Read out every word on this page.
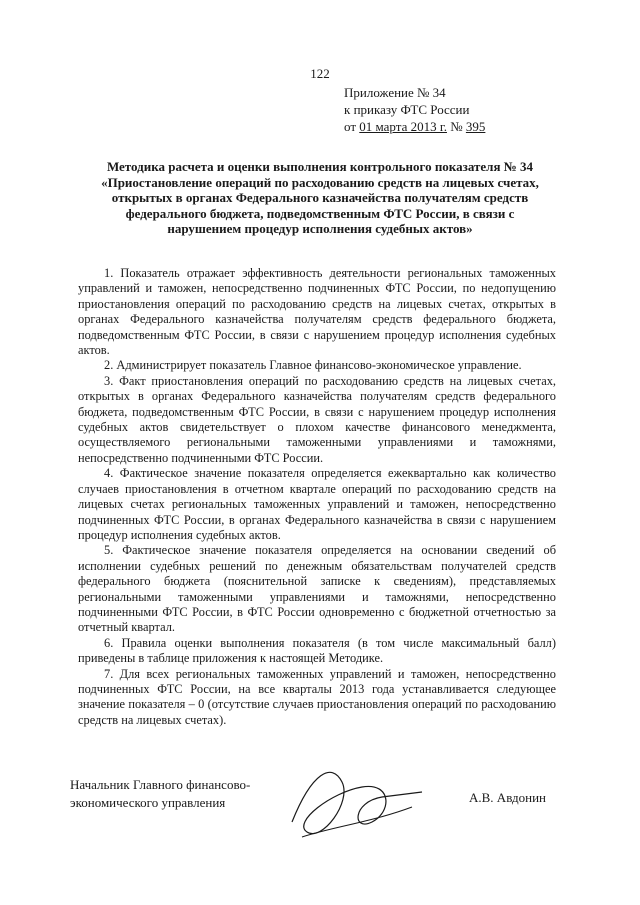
122
Приложение № 34
к приказу ФТС России
от 01 марта 2013 г. № 395
Методика расчета и оценки выполнения контрольного показателя № 34
«Приостановление операций по расходованию средств на лицевых счетах,
открытых в органах Федерального казначейства получателям средств
федерального бюджета, подведомственным ФТС России, в связи с
нарушением процедур исполнения судебных актов»

1. Показатель отражает эффективность деятельности региональных таможенных управлений и таможен, непосредственно подчиненных ФТС России, по недопущению приостановления операций по расходованию средств на лицевых счетах, открытых в органах Федерального казначейства получателям средств федерального бюджета, подведомственным ФТС России, в связи с нарушением процедур исполнения судебных актов.

2. Администрирует показатель Главное финансово-экономическое управление.

3. Факт приостановления операций по расходованию средств на лицевых счетах, открытых в органах Федерального казначейства получателям средств федерального бюджета, подведомственным ФТС России, в связи с нарушением процедур исполнения судебных актов свидетельствует о плохом качестве финансового менеджмента, осуществляемого региональными таможенными управлениями и таможнями, непосредственно подчиненными ФТС России.

4. Фактическое значение показателя определяется ежеквартально как количество случаев приостановления в отчетном квартале операций по расходованию средств на лицевых счетах региональных таможенных управлений и таможен, непосредственно подчиненных ФТС России, в органах Федерального казначейства в связи с нарушением процедур исполнения судебных актов.

5. Фактическое значение показателя определяется на основании сведений об исполнении судебных решений по денежным обязательствам получателей средств федерального бюджета (пояснительной записке к сведениям), представляемых региональными таможенными управлениями и таможнями, непосредственно подчиненными ФТС России, в ФТС России одновременно с бюджетной отчетностью за отчетный квартал.

6. Правила оценки выполнения показателя (в том числе максимальный балл) приведены в таблице приложения к настоящей Методике.

7. Для всех региональных таможенных управлений и таможен, непосредственно подчиненных ФТС России, на все кварталы 2013 года устанавливается следующее значение показателя – 0 (отсутствие случаев приостановления операций по расходованию средств на лицевых счетах).

Начальник Главного финансово-
экономического управления	А.В. Авдонин
